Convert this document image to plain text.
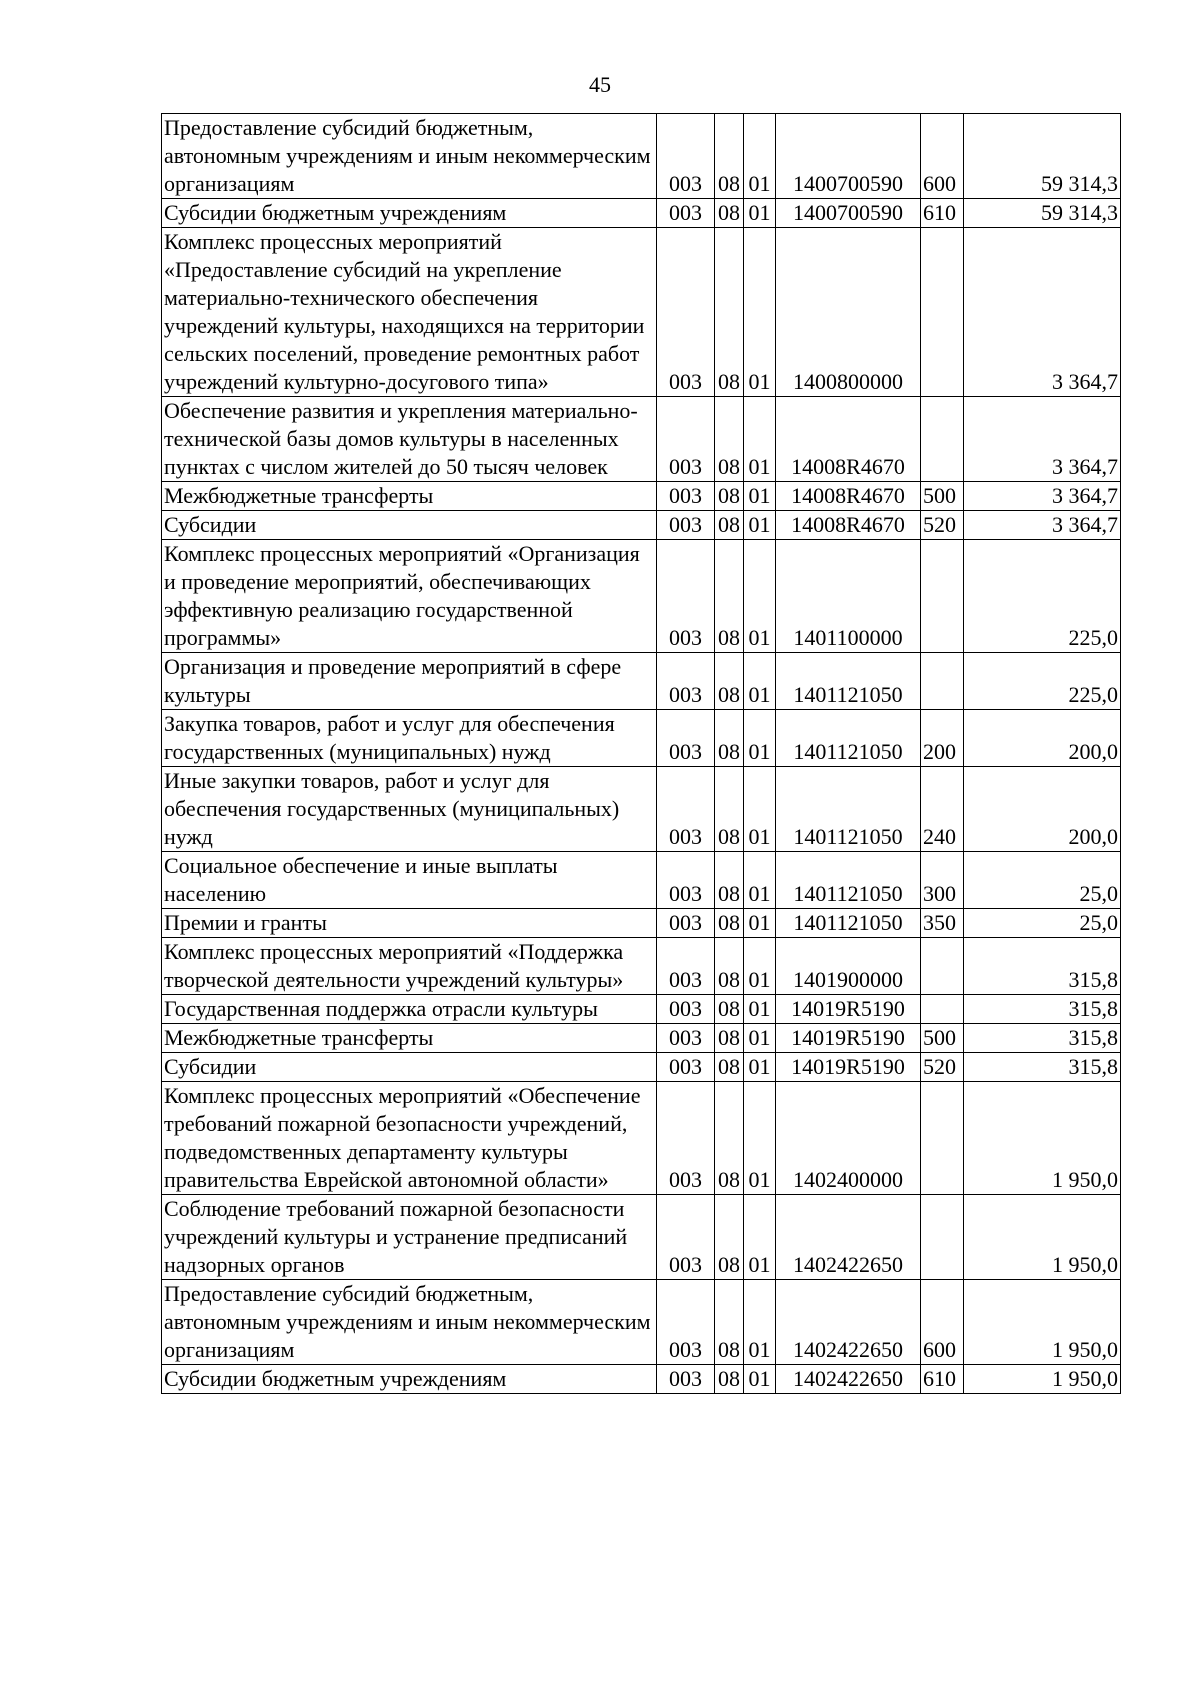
45
Предоставление субсидий бюджетным, автономным учреждениям и иным некоммерческим организациям	003	08	01	1400700590	600	59 314,3
Субсидии бюджетным учреждениям	003	08	01	1400700590	610	59 314,3
Комплекс процессных мероприятий «Предоставление субсидий на укрепление материально-технического обеспечения учреждений культуры, находящихся на территории сельских поселений, проведение ремонтных работ учреждений культурно-досугового типа»	003	08	01	1400800000		3 364,7
Обеспечение развития и укрепления материально-технической базы домов культуры в населенных пунктах с числом жителей до 50 тысяч человек	003	08	01	14008R4670		3 364,7
Межбюджетные трансферты	003	08	01	14008R4670	500	3 364,7
Субсидии	003	08	01	14008R4670	520	3 364,7
Комплекс процессных мероприятий «Организация и проведение мероприятий, обеспечивающих эффективную реализацию государственной программы»	003	08	01	1401100000		225,0
Организация и проведение мероприятий в сфере культуры	003	08	01	1401121050		225,0
Закупка товаров, работ и услуг для обеспечения государственных (муниципальных) нужд	003	08	01	1401121050	200	200,0
Иные закупки товаров, работ и услуг для обеспечения государственных (муниципальных) нужд	003	08	01	1401121050	240	200,0
Социальное обеспечение и иные выплаты населению	003	08	01	1401121050	300	25,0
Премии и гранты	003	08	01	1401121050	350	25,0
Комплекс процессных мероприятий «Поддержка творческой деятельности учреждений культуры»	003	08	01	1401900000		315,8
Государственная поддержка отрасли культуры	003	08	01	14019R5190		315,8
Межбюджетные трансферты	003	08	01	14019R5190	500	315,8
Субсидии	003	08	01	14019R5190	520	315,8
Комплекс процессных мероприятий «Обеспечение требований пожарной безопасности учреждений, подведомственных департаменту культуры правительства Еврейской автономной области»	003	08	01	1402400000		1 950,0
Соблюдение требований пожарной безопасности учреждений культуры и устранение предписаний надзорных органов	003	08	01	1402422650		1 950,0
Предоставление субсидий бюджетным, автономным учреждениям и иным некоммерческим организациям	003	08	01	1402422650	600	1 950,0
Субсидии бюджетным учреждениям	003	08	01	1402422650	610	1 950,0
